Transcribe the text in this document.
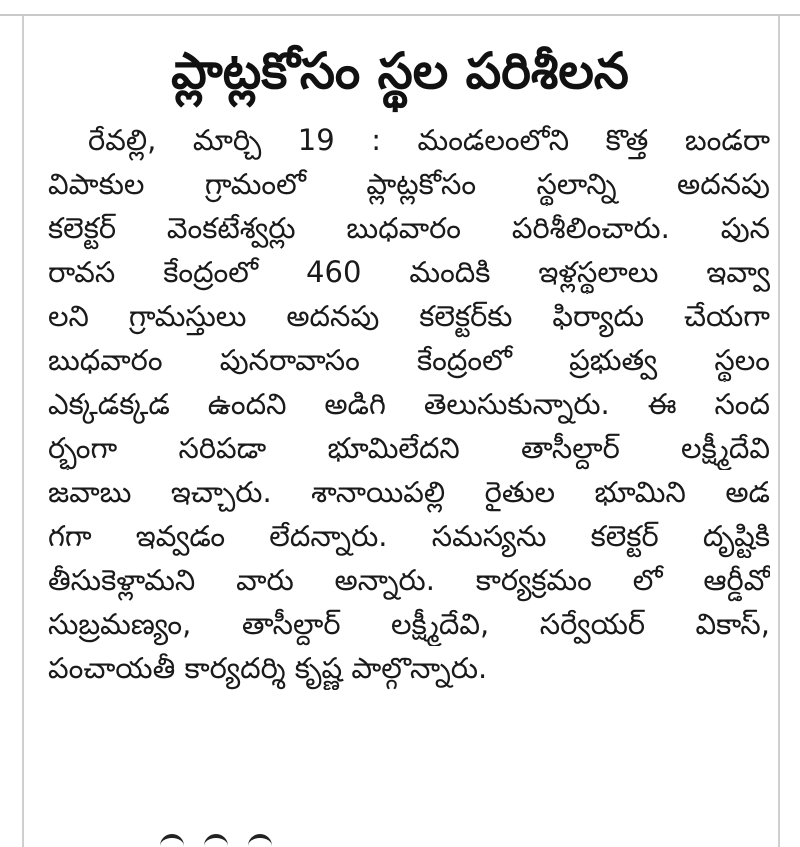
ప్లాట్లకోసం స్థల పరిశీలన
రేవల్లి, మార్చి 19 : మండలంలోని కొత్త బండరా
విపాకుల గ్రామంలో ప్లాట్లకోసం స్థలాన్ని అదనపు
కలెక్టర్ వెంకటేశ్వర్లు బుధవారం పరిశీలించారు. పున
రావస కేంద్రంలో 460 మందికి ఇళ్లస్థలాలు ఇవ్వా
లని గ్రామస్తులు అదనపు కలెక్టర్‌కు ఫిర్యాదు చేయగా
బుధవారం పునరావాసం కేంద్రంలో ప్రభుత్వ స్థలం
ఎక్కడక్కడ ఉందని అడిగి తెలుసుకున్నారు. ఈ సంద
ర్భంగా సరిపడా భూమిలేదని తాసీల్దార్ లక్ష్మీదేవి
జవాబు ఇచ్చారు. శానాయిపల్లి రైతుల భూమిని అడ
గగా ఇవ్వడం లేదన్నారు. సమస్యను కలెక్టర్ దృష్టికి
తీసుకెళ్లామని వారు అన్నారు. కార్యక్రమం లో ఆర్డీవో
సుబ్రమణ్యం, తాసీల్దార్ లక్ష్మీదేవి, సర్వేయర్ వికాస్,
పంచాయతీ కార్యదర్శి కృష్ణ పాల్గొన్నారు.
